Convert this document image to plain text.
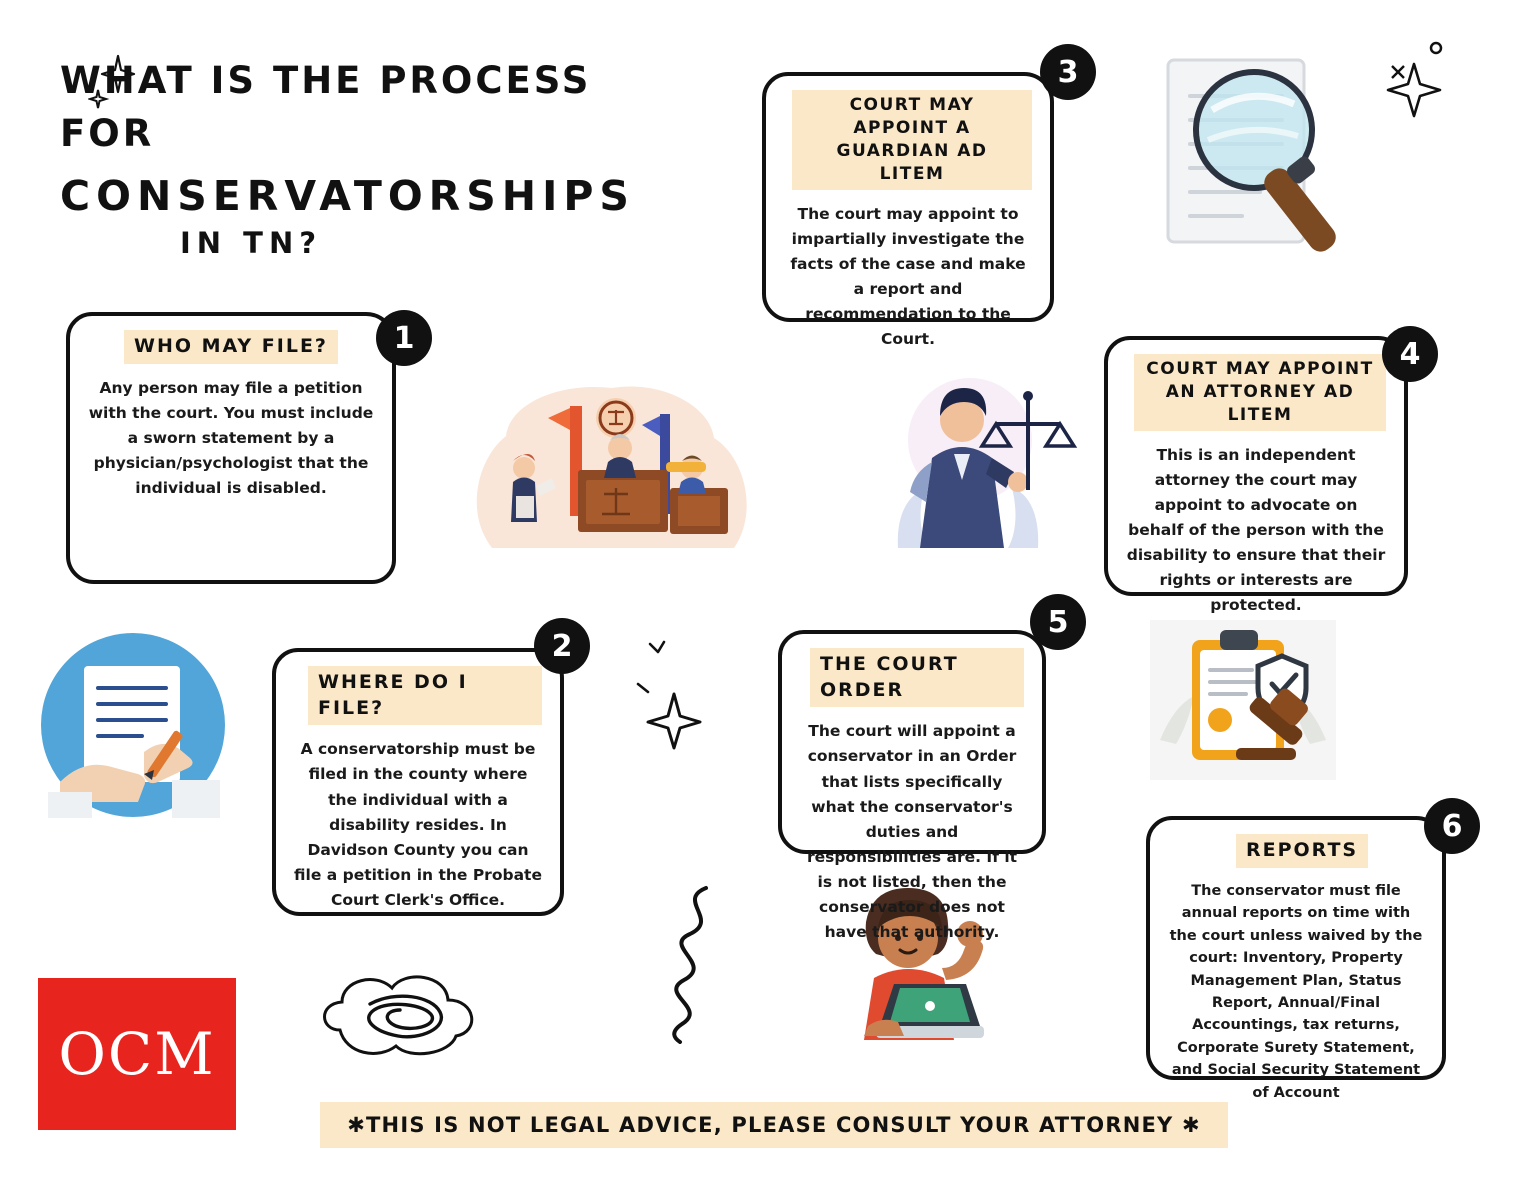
WHAT IS THE PROCESS FOR
CONSERVATORSHIPS
IN TN?
WHO MAY FILE?
Any person may file a petition with the court. You must include a sworn statement by a physician/psychologist that the individual is disabled.
1
WHERE DO I FILE?
A conservatorship must be filed in the county where the individual with a disability resides. In Davidson County you can file a petition in the Probate Court Clerk's Office.
2
COURT MAY APPOINT A GUARDIAN AD LITEM
The court may appoint to impartially investigate the facts of the case and make a report and recommendation to the Court.
3
COURT MAY APPOINT AN ATTORNEY AD LITEM
This is an independent attorney the court may appoint to advocate on behalf of the person with the disability to ensure that their rights or interests are protected.
4
THE COURT ORDER
The court will appoint a conservator in an Order that lists specifically what the conservator's duties and responsibilities are. If it is not listed, then the conservator does not have that authority.
5
REPORTS
The conservator must file annual reports on time with the court unless waived by the court: Inventory, Property Management Plan, Status Report, Annual/Final Accountings, tax returns, Corporate Surety Statement, and Social Security Statement of Account
6
OCM
✱THIS IS NOT LEGAL ADVICE, PLEASE CONSULT YOUR ATTORNEY ✱
